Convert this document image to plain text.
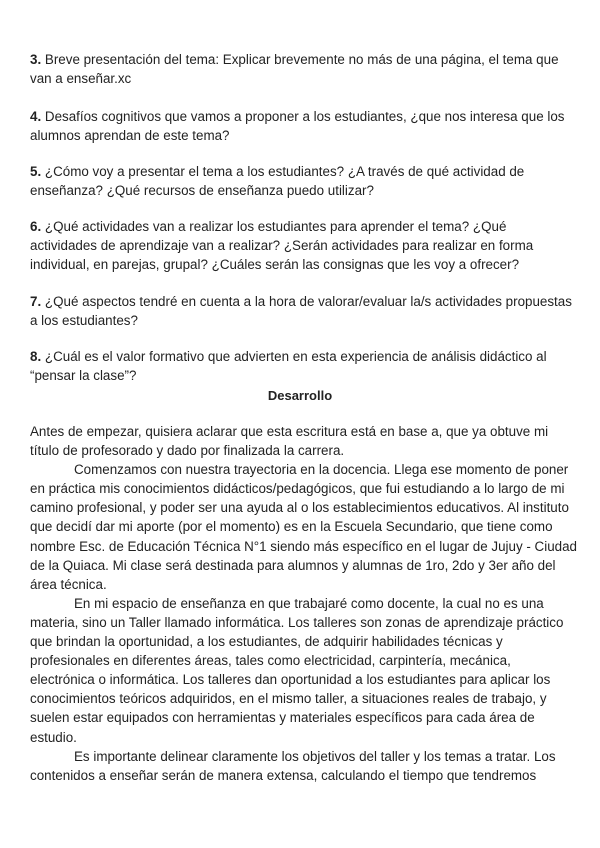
3. Breve presentación del tema: Explicar brevemente no más de una página, el tema que van a enseñar.xc

4. Desafíos cognitivos que vamos a proponer a los estudiantes, ¿que nos interesa que los alumnos aprendan de este tema?

5. ¿Cómo voy a presentar el tema a los estudiantes? ¿A través de qué actividad de enseñanza? ¿Qué recursos de enseñanza puedo utilizar?

6. ¿Qué actividades van a realizar los estudiantes para aprender el tema? ¿Qué actividades de aprendizaje van a realizar? ¿Serán actividades para realizar en forma individual, en parejas, grupal? ¿Cuáles serán las consignas que les voy a ofrecer?

7. ¿Qué aspectos tendré en cuenta a la hora de valorar/evaluar la/s actividades propuestas a los estudiantes?

8. ¿Cuál es el valor formativo que advierten en esta experiencia de análisis didáctico al “pensar la clase”?

Desarrollo

Antes de empezar, quisiera aclarar que esta escritura está en base a, que ya obtuve mi título de profesorado y dado por finalizada la carrera.

Comenzamos con nuestra trayectoria en la docencia. Llega ese momento de poner en práctica mis conocimientos didácticos/pedagógicos, que fui estudiando a lo largo de mi camino profesional, y poder ser una ayuda al o los establecimientos educativos. Al instituto que decidí dar mi aporte (por el momento) es en la Escuela Secundario, que tiene como nombre Esc. de Educación Técnica N°1 siendo más específico en el lugar de Jujuy - Ciudad de la Quiaca. Mi clase será destinada para alumnos y alumnas de 1ro, 2do y 3er año del área técnica.

En mi espacio de enseñanza en que trabajaré como docente, la cual no es una materia, sino un Taller llamado informática. Los talleres son zonas de aprendizaje práctico que brindan la oportunidad, a los estudiantes, de adquirir habilidades técnicas y profesionales en diferentes áreas, tales como electricidad, carpintería, mecánica, electrónica o informática. Los talleres dan oportunidad a los estudiantes para aplicar los conocimientos teóricos adquiridos, en el mismo taller, a situaciones reales de trabajo, y suelen estar equipados con herramientas y materiales específicos para cada área de estudio.

Es importante delinear claramente los objetivos del taller y los temas a tratar. Los contenidos a enseñar serán de manera extensa, calculando el tiempo que tendremos
